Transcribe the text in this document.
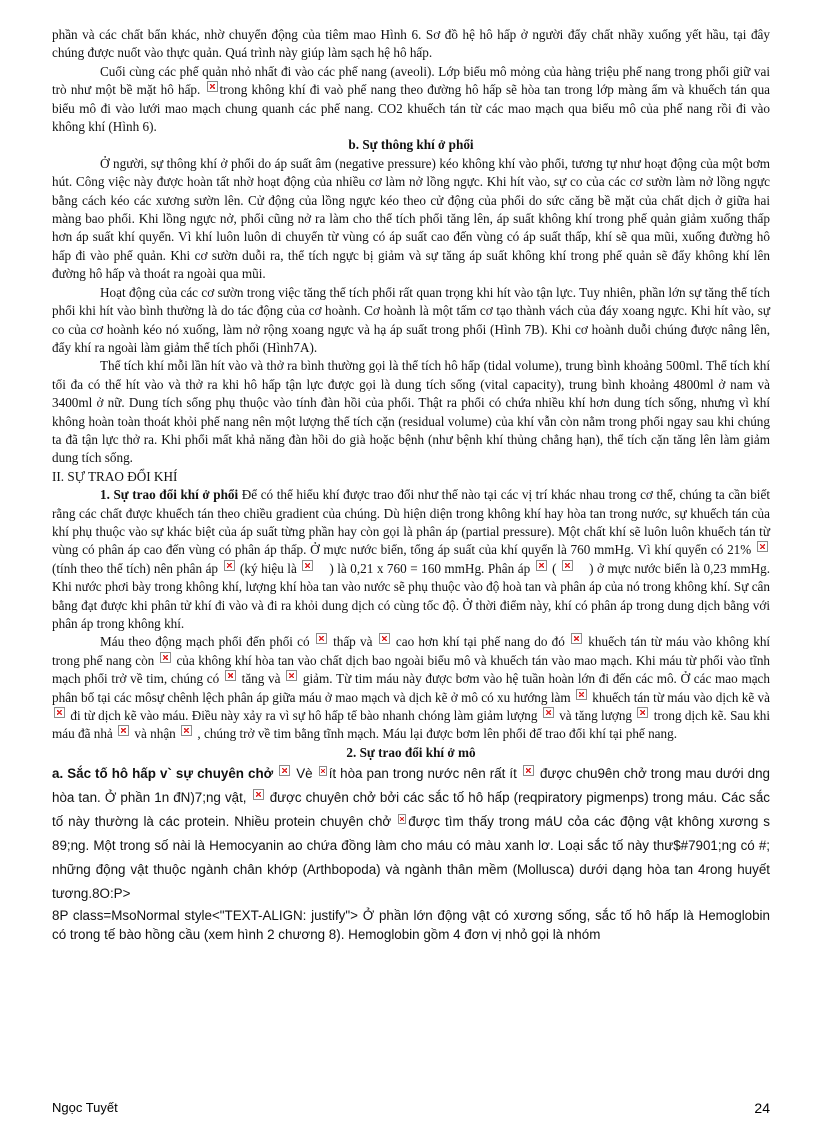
phần và các chất bẩn khác, nhờ chuyển động của tiêm mao Hình 6. Sơ đồ hệ hô hấp ở người đẩy chất nhầy xuống yết hầu, tại đây chúng được nuốt vào thực quản. Quá trình này giúp làm sạch hệ hô hấp.

Cuối cùng các phế quản nhỏ nhất đi vào các phế nang (aveoli). Lớp biểu mô mỏng của hàng triệu phế nang trong phổi giữ vai trò như một bề mặt hô hấp. trong không khí đi vaò phế nang theo đường hô hấp sẽ hòa tan trong lớp màng ẩm và khuếch tán qua biểu mô đi vào lưới mao mạch chung quanh các phế nang. CO2 khuếch tán từ các mao mạch qua biểu mô của phế nang rồi đi vào không khí (Hình 6).

b. Sự thông khí ở phổi

Ở người, sự thông khí ở phổi do áp suất âm (negative pressure) kéo không khí vào phổi, tương tự như hoạt động của một bơm hút. Công việc này được hoàn tất nhờ hoạt động của nhiều cơ làm nở lồng ngực. Khi hít vào, sự co của các cơ sườn làm nở lồng ngực bằng cách kéo các xương sườn lên. Cử động của lồng ngực kéo theo cử động của phổi do sức căng bề mặt của chất dịch ở giữa hai màng bao phổi. Khi lồng ngực nở, phổi cũng nở ra làm cho thể tích phổi tăng lên, áp suất không khí trong phế quản giảm xuống thấp hơn áp suất khí quyển. Vì khí luôn luôn di chuyển từ vùng có áp suất cao đến vùng có áp suất thấp, khí sẽ qua mũi, xuống đường hô hấp đi vào phế quản. Khi cơ sườn duỗi ra, thể tích ngực bị giảm và sự tăng áp suất không khí trong phế quản sẽ đẩy không khí lên đường hô hấp và thoát ra ngoài qua mũi.

Hoạt động của các cơ sườn trong việc tăng thể tích phổi rất quan trọng khi hít vào tận lực. Tuy nhiên, phần lớn sự tăng thể tích phổi khi hít vào bình thường là do tác động của cơ hoành. Cơ hoành là một tấm cơ tạo thành vách của đáy xoang ngực. Khi hít vào, sự co của cơ hoành kéo nó xuống, làm nở rộng xoang ngực và hạ áp suất trong phổi (Hình 7B). Khi cơ hoành duỗi chúng được nâng lên, đẩy khí ra ngoài làm giảm thể tích phổi (Hình7A).

Thể tích khí mỗi lần hít vào và thở ra bình thường gọi là thể tích hô hấp (tidal volume), trung bình khoảng 500ml. Thể tích khí tối đa có thể hít vào và thở ra khi hô hấp tận lực được gọi là dung tích sống (vital capacity), trung bình khoảng 4800ml ở nam và 3400ml ở nữ. Dung tích sống phụ thuộc vào tính đàn hồi của phổi. Thật ra phổi có chứa nhiều khí hơn dung tích sống, nhưng vì khí không hoàn toàn thoát khỏi phế nang nên một lượng thể tích cặn (residual volume) của khí vẫn còn nằm trong phổi ngay sau khi chúng ta đã tận lực thở ra. Khi phổi mất khả năng đàn hồi do già hoặc bệnh (như bệnh khí thủng chẳng hạn), thể tích cặn tăng lên làm giảm dung tích sống.

II. SỰ TRAO ĐỔI KHÍ

1. Sự trao đổi khí ở phổi Để có thể hiểu khí được trao đổi như thế nào tại các vị trí khác nhau trong cơ thể, chúng ta cần biết rằng các chất được khuếch tán theo chiều gradient của chúng. Dù hiện diện trong không khí hay hòa tan trong nước, sự khuếch tán của khí phụ thuộc vào sự khác biệt của áp suất từng phần hay còn gọi là phân áp (partial pressure). Một chất khí sẽ luôn luôn khuếch tán từ vùng có phân áp cao đến vùng có phân áp thấp. Ở mực nước biển, tổng áp suất của khí quyển là 760 mmHg. Vì khí quyển có 21%  (tính theo thể tích) nên phân áp (ký hiệu là ) là 0,21 x 760 = 160 mmHg. Phân áp ( ) ở mực nước biển là 0,23 mmHg. Khi nước phơi bày trong không khí, lượng khí hòa tan vào nước sẽ phụ thuộc vào độ hoà tan và phân áp của nó trong không khí. Sự cân bằng đạt được khi phân tử khí đi vào và đi ra khỏi dung dịch có cùng tốc độ. Ở thời điểm này, khí có phân áp trong dung dịch bằng với phân áp trong không khí.

Máu theo động mạch phổi đến phổi có thấp và cao hơn khí tại phế nang do đó khuếch tán từ máu vào không khí trong phế nang còn của không khí hòa tan vào chất dịch bao ngoài biểu mô và khuếch tán vào mao mạch. Khi máu từ phổi vào tĩnh mạch phổi trở về tim, chúng có tăng và giảm. Từ tim máu này được bơm vào hệ tuần hoàn lớn đi đến các mô. Ở các mao mạch phân bố tại các môsự chênh lệch phân áp giữa máu ở mao mạch và dịch kẽ ở mô có xu hướng làm khuếch tán từ máu vào dịch kẽ và  đi từ dịch kẽ vào máu. Điều này xảy ra vì sự hô hấp tế bào nhanh chóng làm giảm lượng và tăng lượng trong dịch kẽ. Sau khi máu đã nhả và nhận , chúng trở về tim bằng tĩnh mạch. Máu lại được bơm lên phổi để trao đổi khí tại phế nang.

2. Sự trao đổi khí ở mô

a. Sắc tố hô hấp v` sự chuyên chở Vè ít hòa pan trong nước nên rất ít được chu9ên chở trong mau dưới d‌ng hòa tan. Ở phần 1‌n đN)7;ng vật, được chuyên chở bởi các sắc tố hô hấp (reqpiratory pigmenps) trong máu. Các sắc tố này thường là các protein. Nhiều protein chuyên chở được tìm thấy trong máU cỏa các động vật không xương s 89;ng. Một trong số nài là Hemocyanin ao chứa đồng làm cho máu có màu xanh lơ. Loại sắc tố này thư$#7901;ng có #; những động vật thuộc ngành chân khớp (Arthbopoda) và ngành thân mềm (Mollusca) dưới dạng hòa tan 4rong huyết tương.8O:P>

8P class=MsoNormal style<"TEXT-ALIGN: justify"> Ở phần lớn động vật có xương sống, sắc tố hô hấp là Hemoglobin có trong tế bào hồng cầu (xem hình 2 chương 8). Hemoglobin gồm 4 đơn vị nhỏ gọi là nhóm

Ngọc Tuyết	24
